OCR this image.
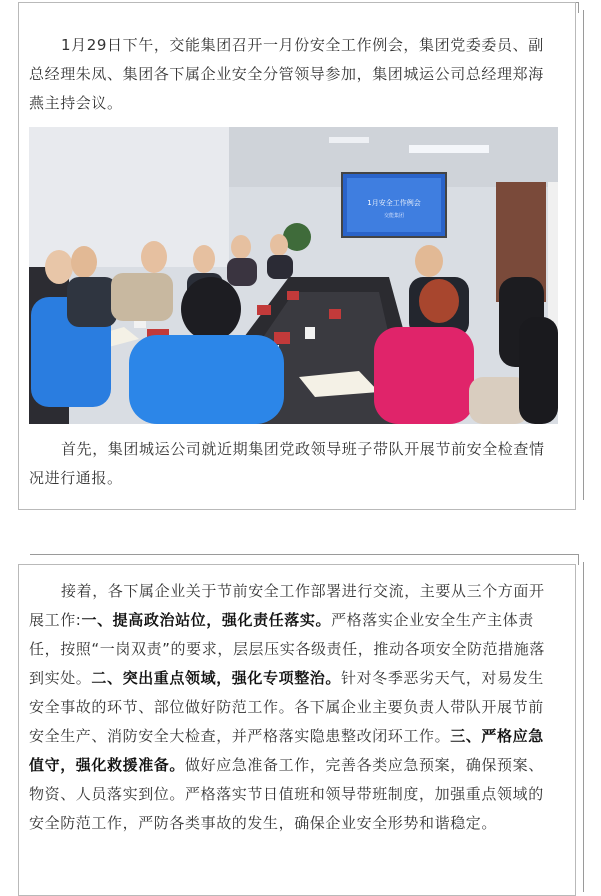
1月29日下午，交能集团召开一月份安全工作例会，集团党委委员、副总经理朱凤、集团各下属企业安全分管领导参加，集团城运公司总经理郑海燕主持会议。

1月安全工作例会
交能集团

首先，集团城运公司就近期集团党政领导班子带队开展节前安全检查情况进行通报。

接着，各下属企业关于节前安全工作部署进行交流，主要从三个方面开展工作:一、提高政治站位，强化责任落实。严格落实企业安全生产主体责任，按照“一岗双责”的要求，层层压实各级责任，推动各项安全防范措施落到实处。二、突出重点领域，强化专项整治。针对冬季恶劣天气，对易发生安全事故的环节、部位做好防范工作。各下属企业主要负责人带队开展节前安全生产、消防安全大检查，并严格落实隐患整改闭环工作。三、严格应急值守，强化救援准备。做好应急准备工作，完善各类应急预案，确保预案、物资、人员落实到位。严格落实节日值班和领导带班制度，加强重点领域的安全防范工作，严防各类事故的发生，确保企业安全形势和谐稳定。
